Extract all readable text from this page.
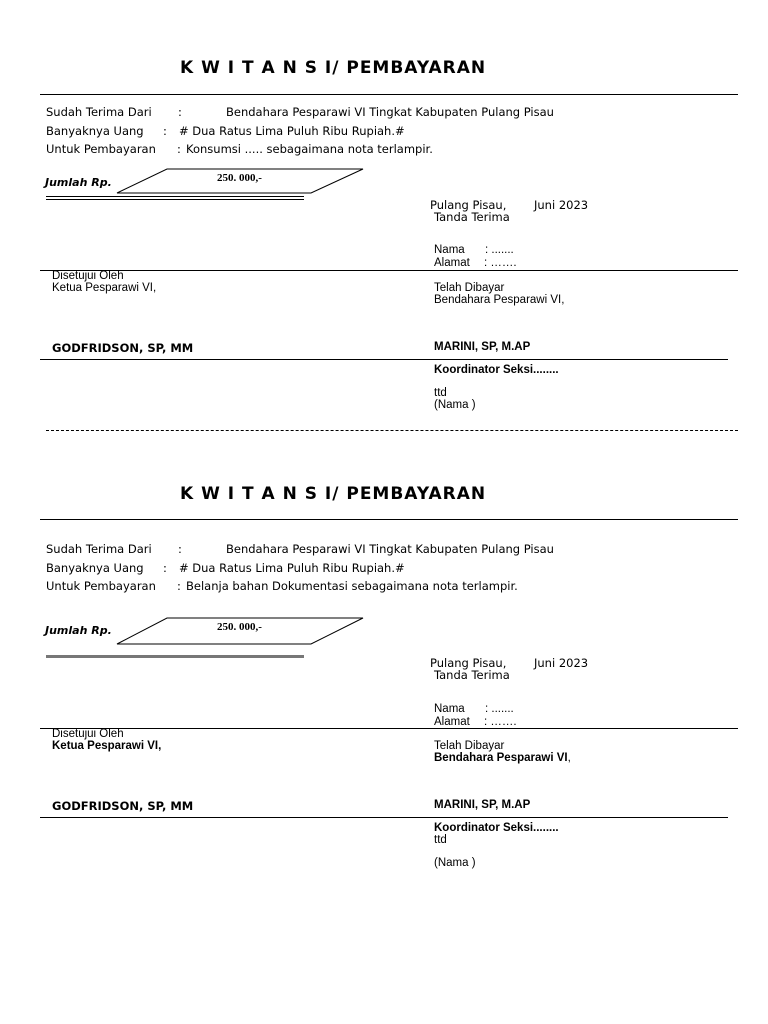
K W I T A N S I/ PEMBAYARAN
Sudah Terima Dari :	Bendahara Pesparawi VI Tingkat Kabupaten Pulang Pisau
Banyaknya Uang : # Dua Ratus Lima Puluh Ribu Rupiah.#
Untuk Pembayaran : Konsumsi ..... sebagaimana nota terlampir.
Jumlah Rp.	250. 000,-
Pulang Pisau, Juni 2023
Tanda Terima
Nama : .......
Alamat : …….
Disetujui Oleh
Ketua Pesparawi VI,	Telah Dibayar
Bendahara Pesparawi VI,
GODFRIDSON, SP, MM	MARINI, SP, M.AP
Koordinator Seksi........
ttd
(Nama )
K W I T A N S I/ PEMBAYARAN
Sudah Terima Dari :	Bendahara Pesparawi VI Tingkat Kabupaten Pulang Pisau
Banyaknya Uang : # Dua Ratus Lima Puluh Ribu Rupiah.#
Untuk Pembayaran : Belanja bahan Dokumentasi sebagaimana nota terlampir.
Jumlah Rp.	250. 000,-
Pulang Pisau, Juni 2023
Tanda Terima
Nama : .......
Alamat : …….
Disetujui Oleh
Ketua Pesparawi VI,	Telah Dibayar
Bendahara Pesparawi VI,
GODFRIDSON, SP, MM	MARINI, SP, M.AP
Koordinator Seksi........
ttd
(Nama )
